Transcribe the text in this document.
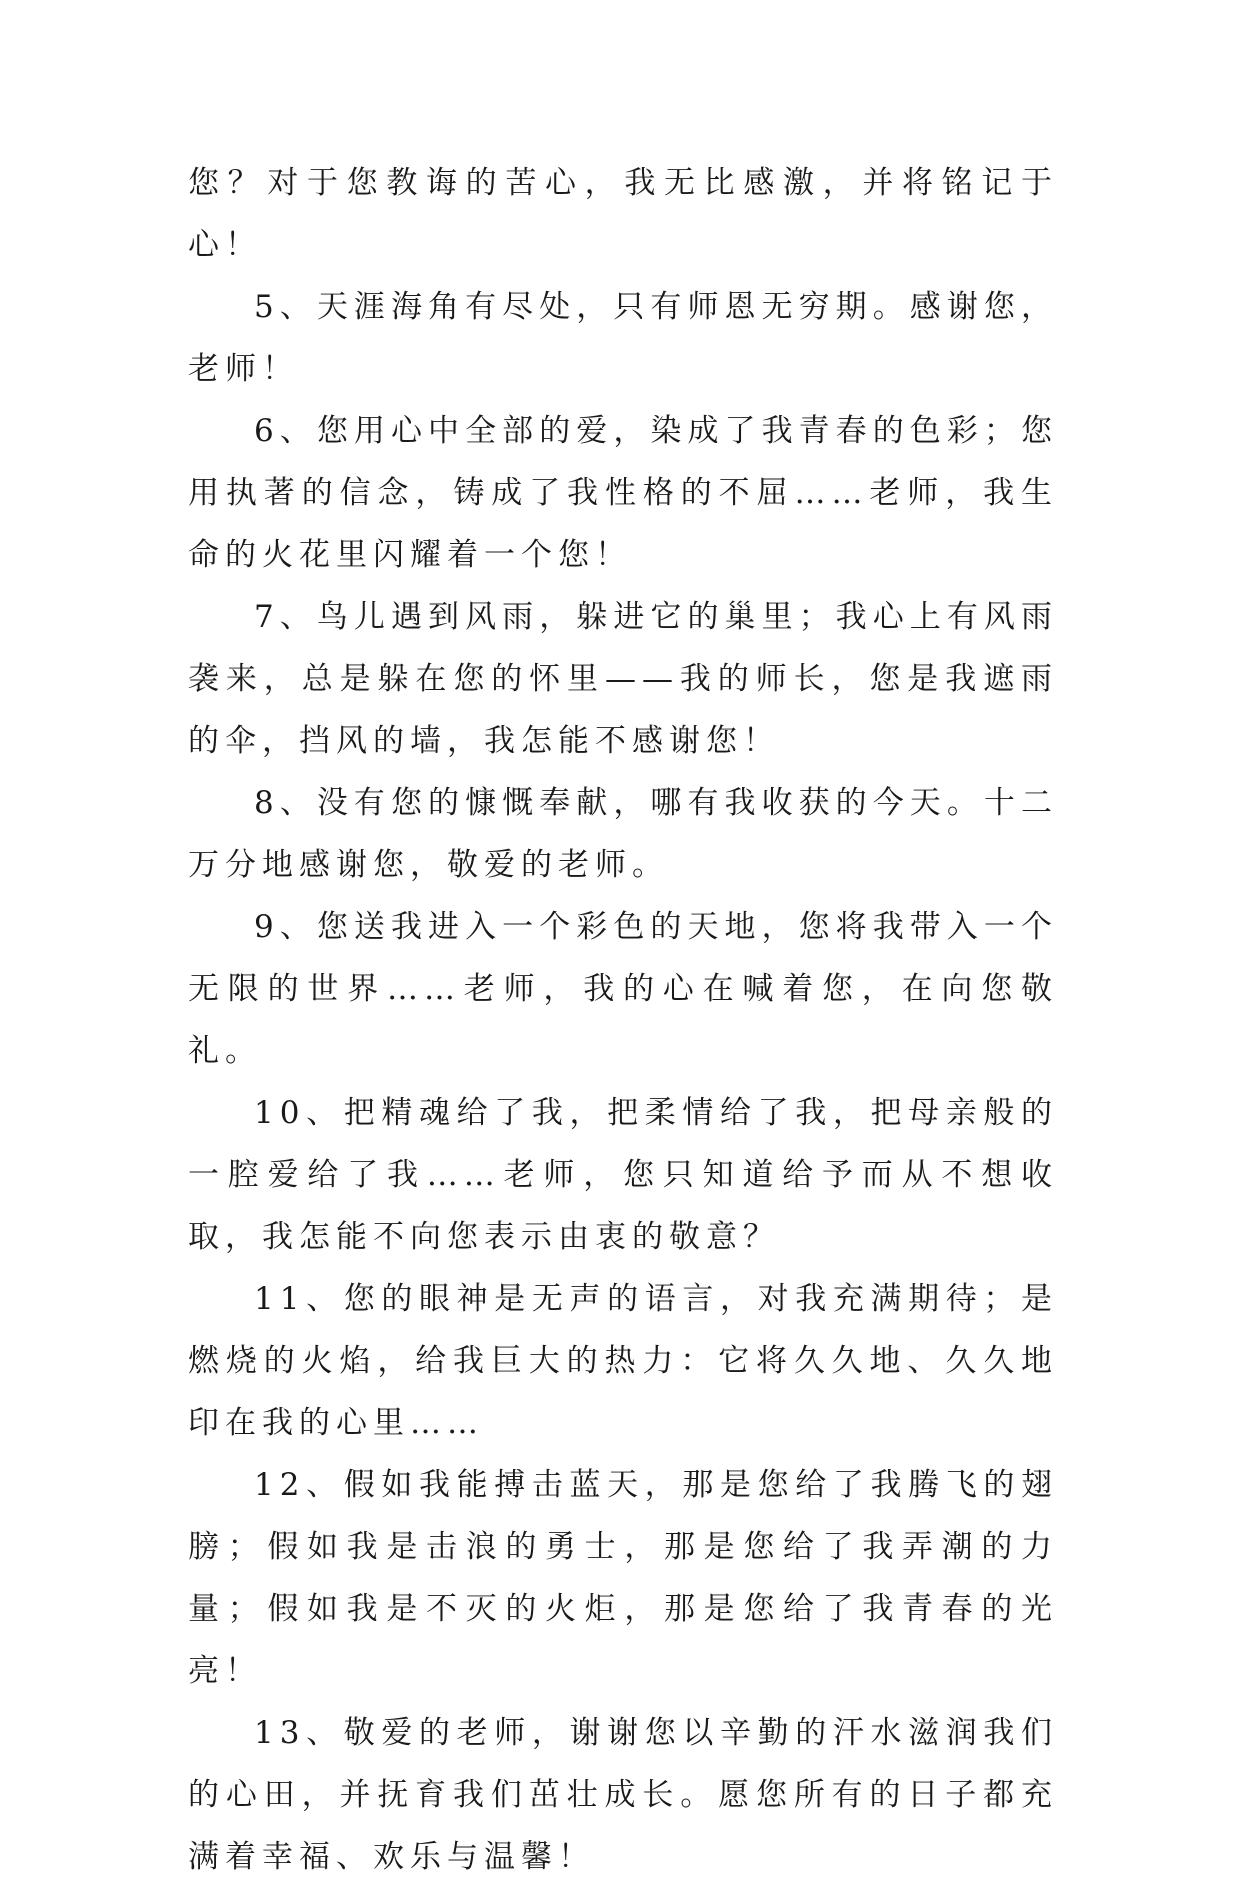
您？对于您教诲的苦心，我无比感激，并将铭记于心！

5、天涯海角有尽处，只有师恩无穷期。感谢您，老师！

6、您用心中全部的爱，染成了我青春的色彩；您用执著的信念，铸成了我性格的不屈……老师，我生命的火花里闪耀着一个您！

7、鸟儿遇到风雨，躲进它的巢里；我心上有风雨袭来，总是躲在您的怀里——我的师长，您是我遮雨的伞，挡风的墙，我怎能不感谢您！

8、没有您的慷慨奉献，哪有我收获的今天。十二万分地感谢您，敬爱的老师。

9、您送我进入一个彩色的天地，您将我带入一个无限的世界……老师，我的心在喊着您，在向您敬礼。

10、把精魂给了我，把柔情给了我，把母亲般的一腔爱给了我……老师，您只知道给予而从不想收取，我怎能不向您表示由衷的敬意？

11、您的眼神是无声的语言，对我充满期待；是燃烧的火焰，给我巨大的热力：它将久久地、久久地印在我的心里……

12、假如我能搏击蓝天，那是您给了我腾飞的翅膀；假如我是击浪的勇士，那是您给了我弄潮的力量；假如我是不灭的火炬，那是您给了我青春的光亮！

13、敬爱的老师，谢谢您以辛勤的汗水滋润我们的心田，并抚育我们茁壮成长。愿您所有的日子都充满着幸福、欢乐与温馨！
